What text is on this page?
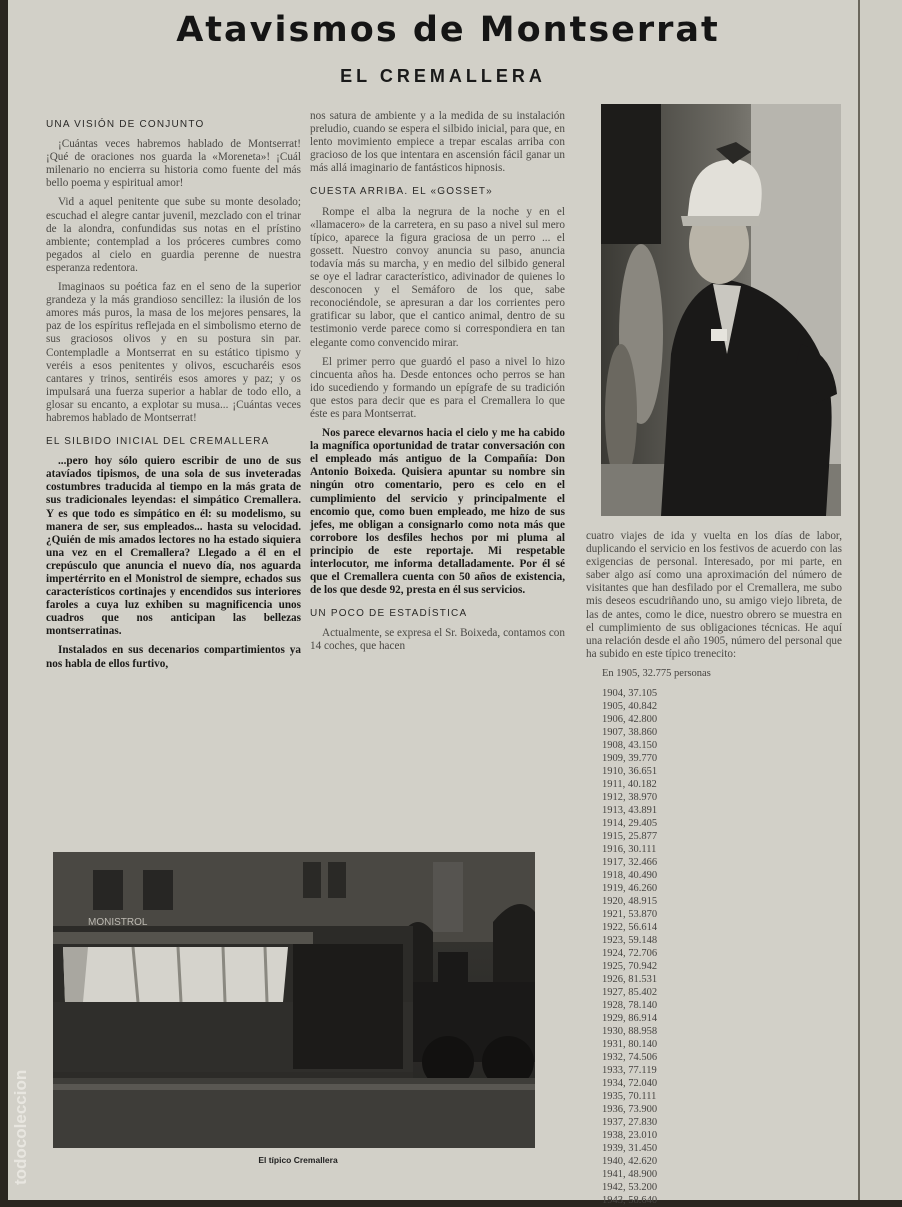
Atavismos de Montserrat
EL CREMALLERA
UNA VISIÓN DE CONJUNTO

¡Cuántas veces habremos hablado de Montserrat! ¡Qué de oraciones nos guarda la «Moreneta»! ¡Cuál milenario no encierra su historia como fuente del más bello poema y espiritual amor!

Vid a aquel penitente que sube su monte desolado; escuchad el alegre cantar juvenil, mezclado con el trinar de la alondra, confundidas sus notas en el prístino ambiente; contemplad a los próceres cumbres como pegados al cielo en guardia perenne de nuestra esperanza redentora.

Imaginaos su poética faz en el seno de la superior grandeza y la más grandioso sencillez: la ilusión de los amores más puros, la masa de los mejores pensares, la paz de los espíritus reflejada en el simbolismo eterno de sus graciosos olivos y en su postura sin par. Contempladle a Montserrat en su estático tipismo y veréis a esos penitentes y olivos, escucharéis esos cantares y trinos, sentiréis esos amores y paz; y os impulsará una fuerza superior a hablar de todo ello, a glosar su encanto, a explotar su musa... ¡Cuántas veces habremos hablado de Montserrat!

EL SILBIDO INICIAL DEL CREMALLERA

...pero hoy sólo quiero escribir de uno de sus atavíados tipismos, de una sola de sus inveteradas costumbres traducida al tiempo en la más grata de sus tradicionales leyendas: el simpático Cremallera. Y es que todo es simpático en él: su modelismo, su manera de ser, sus empleados... hasta su velocidad. ¿Quién de mis amados lectores no ha estado siquiera una vez en el Cremallera? Llegado a él en el crepúsculo que anuncia el nuevo día, nos aguarda impertérrito en el Monistrol de siempre, echados sus característicos cortinajes y encendidos sus interiores faroles a cuya luz exhiben su magnificencia unos cuadros que nos anticipan las bellezas montserratinas.

Instalados en sus decenarios compartimientos ya nos habla de ellos furtivo,

nos satura de ambiente y a la medida de su instalación preludio, cuando se espera el silbido inicial, para que, en lento movimiento empiece a trepar escalas arriba con gracioso de los que intentara en ascensión fácil ganar un más allá imaginario de fantásticos hipnosis.

CUESTA ARRIBA. EL «GOSSET»

Rompe el alba la negrura de la noche y en el «llamacero» de la carretera, en su paso a nivel sul mero típico, aparece la figura graciosa de un perro ... el gossett. Nuestro convoy anuncia su paso, anuncia todavía más su marcha, y en medio del silbido general se oye el ladrar característico, adivinador de quienes lo desconocen y el Semáforo de los que, sabe reconociéndole, se apresuran a dar los corrientes pero gratificar su labor, que el cantico animal, dentro de su testimonio verde parece como si correspondiera en tan elegante como convencido mirar.

El primer perro que guardó el paso a nivel lo hizo cincuenta años ha. Desde entonces ocho perros se han ido sucediendo y formando un epígrafe de su tradición que estos para decir que es para el Cremallera lo que éste es para Montserrat.

Nos parece elevarnos hacia el cielo y me ha cabido la magnífica oportunidad de tratar conversación con el empleado más antiguo de la Compañía: Don Antonio Boixeda. Quisiera apuntar su nombre sin ningún otro comentario, pero es celo en el cumplimiento del servicio y principalmente el encomio que, como buen empleado, me hizo de sus jefes, me obligan a consignarlo como nota más que corrobore los desfiles hechos por mi pluma al principio de este reportaje. Mi respetable interlocutor, me informa detalladamente. Por él sé que el Cremallera cuenta con 50 años de existencia, de los que desde 92, presta en él sus servicios.

UN POCO DE ESTADÍSTICA

Actualmente, se expresa el Sr. Boixeda, contamos con 14 coches, que hacen

cuatro viajes de ida y vuelta en los días de labor, duplicando el servicio en los festivos de acuerdo con las exigencias de personal. Interesado, por mi parte, en saber algo así como una aproximación del número de visitantes que han desfilado por el Cremallera, me subo mis deseos escudriñando uno, su amigo viejo libreta, de las de antes, como le dice, nuestro obrero se muestra en el cumplimiento de sus obligaciones técnicas. He aquí una relación desde el año 1905, número del personal que ha subido en este típico trenecito:

En 1905, 32.775 personas
1904, 37.105
1905, 40.842
1906, 42.800
1907, 38.860
1908, 43.150
1909, 39.770
1910, 36.651
1911, 40.182
1912, 38.970
1913, 43.891
1914, 29.405
1915, 25.877
1916, 30.111
1917, 32.466
1918, 40.490
1919, 46.260
1920, 48.915
1921, 53.870
1922, 56.614
1923, 59.148
1924, 72.706
1925, 70.942
1926, 81.531
1927, 85.402
1928, 78.140
1929, 86.914
1930, 88.958
1931, 80.140
1932, 74.506
1933, 77.119
1934, 72.040
1935, 70.111
1936, 73.900
1937, 27.830
1938, 23.010
1939, 31.450
1940, 42.620
1941, 48.900
1942, 53.200
1943, 58.640
MONISTROL

El típico Cremallera

todocoleccion
